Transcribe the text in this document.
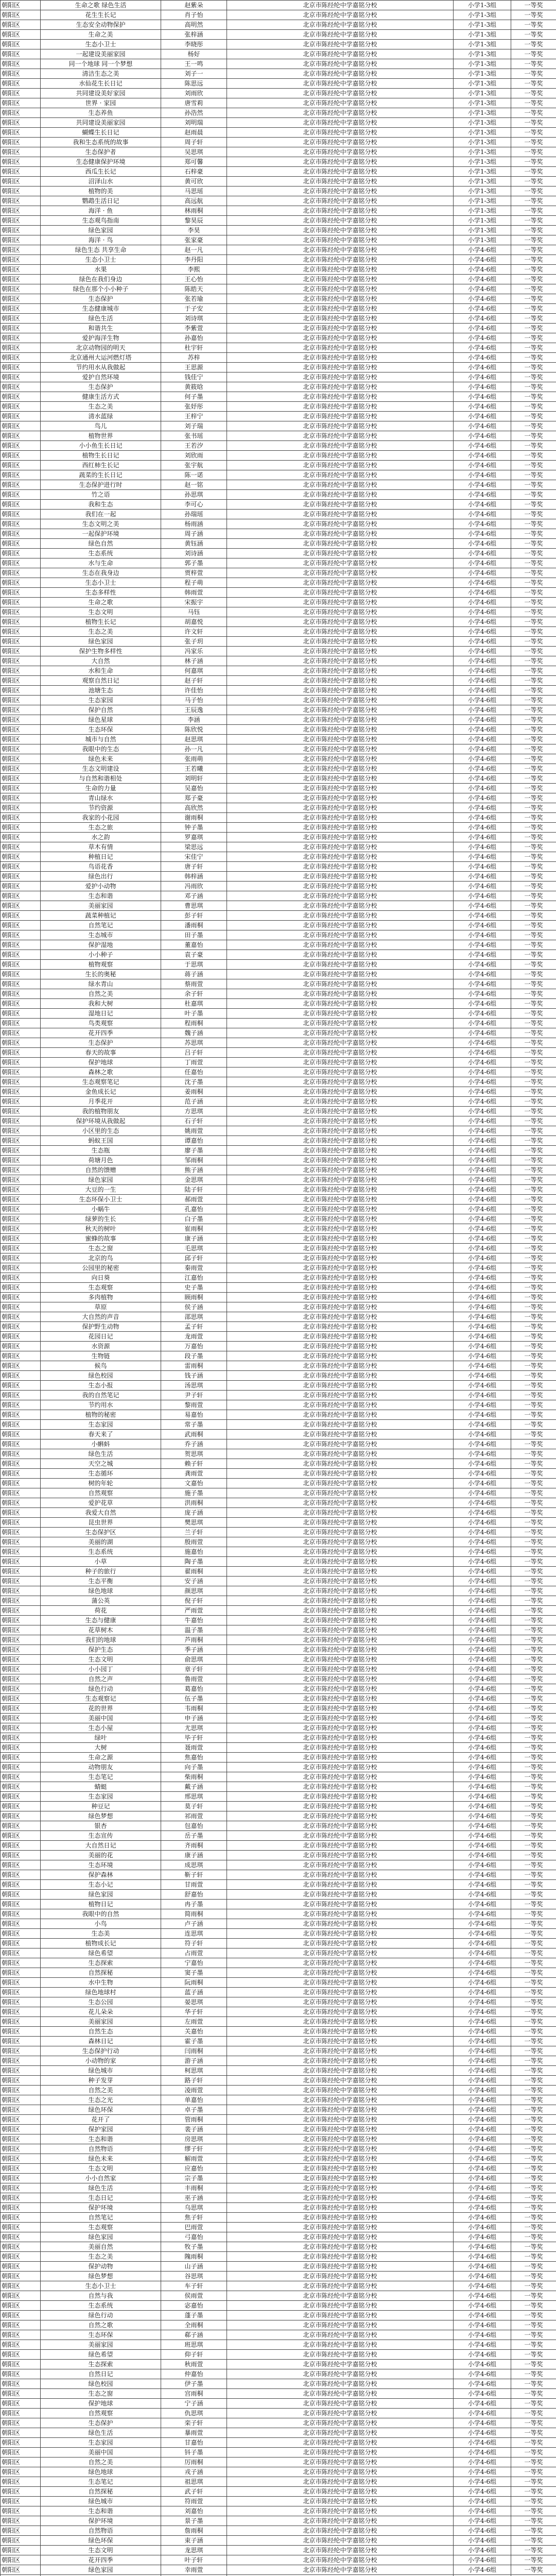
朝阳区	生命之歌 绿色生活	赵紫朵	北京市陈经纶中学嘉铭分校	小学1-3组	一等奖
朝阳区	花生生长记	肖子怡	北京市陈经纶中学嘉铭分校	小学1-3组	一等奖
朝阳区	生态安全动物保护	高明然	北京市陈经纶中学嘉铭分校	小学1-3组	一等奖
朝阳区	生命之美	张梓涵	北京市陈经纶中学嘉铭分校	小学1-3组	一等奖
朝阳区	生态小卫士	李晓彤	北京市陈经纶中学嘉铭分校	小学1-3组	一等奖
朝阳区	一起建设美丽家园	杨好	北京市陈经纶中学嘉铭分校	小学1-3组	一等奖
朝阳区	同一个地球 同一个梦想	王一鸣	北京市陈经纶中学嘉铭分校	小学1-3组	一等奖
朝阳区	清洁生态之美	刘子一	北京市陈经纶中学嘉铭分校	小学1-3组	一等奖
朝阳区	水仙花生长日记	陈思远	北京市陈经纶中学嘉铭分校	小学1-3组	一等奖
朝阳区	共同建设美好家园	刘雨欣	北京市陈经纶中学嘉铭分校	小学1-3组	一等奖
朝阳区	世界 · 家园	唐雪莉	北京市陈经纶中学嘉铭分校	小学1-3组	一等奖
朝阳区	生态养鱼	孙浩然	北京市陈经纶中学嘉铭分校	小学1-3组	一等奖
朝阳区	共同建设美丽家园	刘明瑞	北京市陈经纶中学嘉铭分校	小学1-3组	一等奖
朝阳区	蝴蝶生长日记	赵雨晨	北京市陈经纶中学嘉铭分校	小学1-3组	一等奖
朝阳区	我和生态系统的故事	周子轩	北京市陈经纶中学嘉铭分校	小学1-3组	一等奖
朝阳区	生态保护者	吴思琪	北京市陈经纶中学嘉铭分校	小学1-3组	一等奖
朝阳区	生态健康保护环境	郑可馨	北京市陈经纶中学嘉铭分校	小学1-3组	一等奖
朝阳区	西瓜生长记	石梓豪	北京市陈经纶中学嘉铭分校	小学1-3组	一等奖
朝阳区	沼泽山水	黄可欣	北京市陈经纶中学嘉铭分校	小学1-3组	一等奖
朝阳区	植物的美	马思瑶	北京市陈经纶中学嘉铭分校	小学1-3组	一等奖
朝阳区	鹦鹉生活日记	高远航	北京市陈经纶中学嘉铭分校	小学1-3组	一等奖
朝阳区	海洋 · 鱼	林雨桐	北京市陈经纶中学嘉铭分校	小学1-3组	一等奖
朝阳区	生态观鸟指南	黎昊辰	北京市陈经纶中学嘉铭分校	小学1-3组	一等奖
朝阳区	绿色家园	李昊	北京市陈经纶中学嘉铭分校	小学1-3组	一等奖
朝阳区	海洋 · 鸟	张家豪	北京市陈经纶中学嘉铭分校	小学1-3组	一等奖
朝阳区	绿色生态 共享生命	赵一凡	北京市陈经纶中学嘉铭分校	小学4-6组	一等奖
朝阳区	生态小卫士	李丹阳	北京市陈经纶中学嘉铭分校	小学4-6组	一等奖
朝阳区	水果	李熙	北京市陈经纶中学嘉铭分校	小学4-6组	一等奖
朝阳区	绿色在我们身边	王心怡	北京市陈经纶中学嘉铭分校	小学4-6组	一等奖
朝阳区	绿色在那个小小种子	陈皓天	北京市陈经纶中学嘉铭分校	小学4-6组	一等奖
朝阳区	生态保护	张若瑜	北京市陈经纶中学嘉铭分校	小学4-6组	一等奖
朝阳区	生态健康城市	于子安	北京市陈经纶中学嘉铭分校	小学4-6组	一等奖
朝阳区	绿色生活	刘诗琪	北京市陈经纶中学嘉铭分校	小学4-6组	一等奖
朝阳区	和谐共生	李紫萱	北京市陈经纶中学嘉铭分校	小学4-6组	一等奖
朝阳区	爱护海洋生物	孙嘉怡	北京市陈经纶中学嘉铭分校	小学4-6组	一等奖
朝阳区	北京动物园的明天	杜宇轩	北京市陈经纶中学嘉铭分校	小学4-6组	一等奖
朝阳区	北京通州大运河燃灯塔	苏梓	北京市陈经纶中学嘉铭分校	小学4-6组	一等奖
朝阳区	节约用水从我做起	王思源	北京市陈经纶中学嘉铭分校	小学4-6组	一等奖
朝阳区	爱护自然环境	钱佳宁	北京市陈经纶中学嘉铭分校	小学4-6组	一等奖
朝阳区	生态保护	黄筱晗	北京市陈经纶中学嘉铭分校	小学4-6组	一等奖
朝阳区	健康生活方式	何子墨	北京市陈经纶中学嘉铭分校	小学4-6组	一等奖
朝阳区	生态之美	张妤彤	北京市陈经纶中学嘉铭分校	小学4-6组	一等奖
朝阳区	清水蓝绿	王梓宁	北京市陈经纶中学嘉铭分校	小学4-6组	一等奖
朝阳区	鸟儿	刘子瑞	北京市陈经纶中学嘉铭分校	小学4-6组	一等奖
朝阳区	植物世界	张书瑶	北京市陈经纶中学嘉铭分校	小学4-6组	一等奖
朝阳区	小小鱼生长日记	王若汐	北京市陈经纶中学嘉铭分校	小学4-6组	一等奖
朝阳区	植物生长日记	刘欣雨	北京市陈经纶中学嘉铭分校	小学4-6组	一等奖
朝阳区	西红柿生长记	张宇航	北京市陈经纶中学嘉铭分校	小学4-6组	一等奖
朝阳区	蔬菜的生长日记	陈一诺	北京市陈经纶中学嘉铭分校	小学4-6组	一等奖
朝阳区	生态保护进行时	赵一铭	北京市陈经纶中学嘉铭分校	小学4-6组	一等奖
朝阳区	竹之语	孙思琪	北京市陈经纶中学嘉铭分校	小学4-6组	一等奖
朝阳区	我和生态	李可心	北京市陈经纶中学嘉铭分校	小学4-6组	一等奖
朝阳区	我们在一起	孙瑞瑶	北京市陈经纶中学嘉铭分校	小学4-6组	一等奖
朝阳区	生态文明之美	杨雨涵	北京市陈经纶中学嘉铭分校	小学4-6组	一等奖
朝阳区	一起保护环境	周子涵	北京市陈经纶中学嘉铭分校	小学4-6组	一等奖
朝阳区	绿色自然	黄钰涵	北京市陈经纶中学嘉铭分校	小学4-6组	一等奖
朝阳区	生态系统	刘诗涵	北京市陈经纶中学嘉铭分校	小学4-6组	一等奖
朝阳区	水与生命	郭子墨	北京市陈经纶中学嘉铭分校	小学4-6组	一等奖
朝阳区	生态在我身边	贾梓萱	北京市陈经纶中学嘉铭分校	小学4-6组	一等奖
朝阳区	生态小卫士	程子萌	北京市陈经纶中学嘉铭分校	小学4-6组	一等奖
朝阳区	生态多样性	韩雨萱	北京市陈经纶中学嘉铭分校	小学4-6组	一等奖
朝阳区	生命之歌	宋振宇	北京市陈经纶中学嘉铭分校	小学4-6组	一等奖
朝阳区	生态文明	马钰	北京市陈经纶中学嘉铭分校	小学4-6组	一等奖
朝阳区	植物生长记	胡嘉悦	北京市陈经纶中学嘉铭分校	小学4-6组	一等奖
朝阳区	生态之美	许文轩	北京市陈经纶中学嘉铭分校	小学4-6组	一等奖
朝阳区	绿色家园	张子玥	北京市陈经纶中学嘉铭分校	小学4-6组	一等奖
朝阳区	保护生物多样性	冯家乐	北京市陈经纶中学嘉铭分校	小学4-6组	一等奖
朝阳区	大自然	林子涵	北京市陈经纶中学嘉铭分校	小学4-6组	一等奖
朝阳区	水和生命	何嘉琪	北京市陈经纶中学嘉铭分校	小学4-6组	一等奖
朝阳区	观察自然日记	赵子轩	北京市陈经纶中学嘉铭分校	小学4-6组	一等奖
朝阳区	池塘生态	许佳怡	北京市陈经纶中学嘉铭分校	小学4-6组	一等奖
朝阳区	生态家园	马子怡	北京市陈经纶中学嘉铭分校	小学4-6组	一等奖
朝阳区	保护自然	王辰逸	北京市陈经纶中学嘉铭分校	小学4-6组	一等奖
朝阳区	绿色星球	李涵	北京市陈经纶中学嘉铭分校	小学4-6组	一等奖
朝阳区	生态环保	陈欣悦	北京市陈经纶中学嘉铭分校	小学4-6组	一等奖
朝阳区	城市与自然	赵思琪	北京市陈经纶中学嘉铭分校	小学4-6组	一等奖
朝阳区	我眼中的生态	孙一凡	北京市陈经纶中学嘉铭分校	小学4-6组	一等奖
朝阳区	绿色未来	张雨萌	北京市陈经纶中学嘉铭分校	小学4-6组	一等奖
朝阳区	生态文明建设	王若曦	北京市陈经纶中学嘉铭分校	小学4-6组	一等奖
朝阳区	与自然和谐相处	刘明轩	北京市陈经纶中学嘉铭分校	小学4-6组	一等奖
朝阳区	生命的力量	吴嘉怡	北京市陈经纶中学嘉铭分校	小学4-6组	一等奖
朝阳区	青山绿水	郑子豪	北京市陈经纶中学嘉铭分校	小学4-6组	一等奖
朝阳区	节约资源	高欣然	北京市陈经纶中学嘉铭分校	小学4-6组	一等奖
朝阳区	我家的小花园	谢雨桐	北京市陈经纶中学嘉铭分校	小学4-6组	一等奖
朝阳区	生态之旅	钟子墨	北京市陈经纶中学嘉铭分校	小学4-6组	一等奖
朝阳区	水之韵	罗嘉琪	北京市陈经纶中学嘉铭分校	小学4-6组	一等奖
朝阳区	草木有情	梁思远	北京市陈经纶中学嘉铭分校	小学4-6组	一等奖
朝阳区	种植日记	宋佳宁	北京市陈经纶中学嘉铭分校	小学4-6组	一等奖
朝阳区	鸟语花香	唐子轩	北京市陈经纶中学嘉铭分校	小学4-6组	一等奖
朝阳区	绿色出行	韩梓涵	北京市陈经纶中学嘉铭分校	小学4-6组	一等奖
朝阳区	爱护小动物	冯雨欣	北京市陈经纶中学嘉铭分校	小学4-6组	一等奖
朝阳区	生态和谐	邓子涵	北京市陈经纶中学嘉铭分校	小学4-6组	一等奖
朝阳区	美丽家园	曹思琪	北京市陈经纶中学嘉铭分校	小学4-6组	一等奖
朝阳区	蔬菜种植记	彭子轩	北京市陈经纶中学嘉铭分校	小学4-6组	一等奖
朝阳区	自然笔记	潘雨桐	北京市陈经纶中学嘉铭分校	小学4-6组	一等奖
朝阳区	生态城市	田子墨	北京市陈经纶中学嘉铭分校	小学4-6组	一等奖
朝阳区	保护湿地	董嘉怡	北京市陈经纶中学嘉铭分校	小学4-6组	一等奖
朝阳区	小小种子	袁子豪	北京市陈经纶中学嘉铭分校	小学4-6组	一等奖
朝阳区	植物观察	于思琪	北京市陈经纶中学嘉铭分校	小学4-6组	一等奖
朝阳区	生长的奥秘	蒋子涵	北京市陈经纶中学嘉铭分校	小学4-6组	一等奖
朝阳区	绿水青山	蔡雨萱	北京市陈经纶中学嘉铭分校	小学4-6组	一等奖
朝阳区	自然之美	余子轩	北京市陈经纶中学嘉铭分校	小学4-6组	一等奖
朝阳区	我和大树	杜嘉琪	北京市陈经纶中学嘉铭分校	小学4-6组	一等奖
朝阳区	湿地日记	叶子墨	北京市陈经纶中学嘉铭分校	小学4-6组	一等奖
朝阳区	鸟类观察	程雨桐	北京市陈经纶中学嘉铭分校	小学4-6组	一等奖
朝阳区	花开四季	魏子涵	北京市陈经纶中学嘉铭分校	小学4-6组	一等奖
朝阳区	生态保护	苏思琪	北京市陈经纶中学嘉铭分校	小学4-6组	一等奖
朝阳区	春天的故事	吕子轩	北京市陈经纶中学嘉铭分校	小学4-6组	一等奖
朝阳区	保护地球	丁雨萱	北京市陈经纶中学嘉铭分校	小学4-6组	一等奖
朝阳区	森林之歌	任嘉怡	北京市陈经纶中学嘉铭分校	小学4-6组	一等奖
朝阳区	生态观察笔记	沈子墨	北京市陈经纶中学嘉铭分校	小学4-6组	一等奖
朝阳区	金鱼成长记	姜雨桐	北京市陈经纶中学嘉铭分校	小学4-6组	一等奖
朝阳区	月季花开	范子涵	北京市陈经纶中学嘉铭分校	小学4-6组	一等奖
朝阳区	我的植物朋友	方思琪	北京市陈经纶中学嘉铭分校	小学4-6组	一等奖
朝阳区	保护环境从我做起	石子轩	北京市陈经纶中学嘉铭分校	小学4-6组	一等奖
朝阳区	小区里的生态	姚雨萱	北京市陈经纶中学嘉铭分校	小学4-6组	一等奖
朝阳区	蚂蚁王国	谭嘉怡	北京市陈经纶中学嘉铭分校	小学4-6组	一等奖
朝阳区	生态瓶	廖子墨	北京市陈经纶中学嘉铭分校	小学4-6组	一等奖
朝阳区	荷塘月色	邹雨桐	北京市陈经纶中学嘉铭分校	小学4-6组	一等奖
朝阳区	自然的馈赠	熊子涵	北京市陈经纶中学嘉铭分校	小学4-6组	一等奖
朝阳区	绿色家园	金思琪	北京市陈经纶中学嘉铭分校	小学4-6组	一等奖
朝阳区	大豆的一生	陆子轩	北京市陈经纶中学嘉铭分校	小学4-6组	一等奖
朝阳区	生态环保小卫士	郝雨萱	北京市陈经纶中学嘉铭分校	小学4-6组	一等奖
朝阳区	小蜗牛	孔嘉怡	北京市陈经纶中学嘉铭分校	小学4-6组	一等奖
朝阳区	绿萝的生长	白子墨	北京市陈经纶中学嘉铭分校	小学4-6组	一等奖
朝阳区	秋天的树叶	崔雨桐	北京市陈经纶中学嘉铭分校	小学4-6组	一等奖
朝阳区	蜜蜂的故事	康子涵	北京市陈经纶中学嘉铭分校	小学4-6组	一等奖
朝阳区	生态之窗	毛思琪	北京市陈经纶中学嘉铭分校	小学4-6组	一等奖
朝阳区	北京的鸟	邱子轩	北京市陈经纶中学嘉铭分校	小学4-6组	一等奖
朝阳区	公园里的秘密	秦雨萱	北京市陈经纶中学嘉铭分校	小学4-6组	一等奖
朝阳区	向日葵	江嘉怡	北京市陈经纶中学嘉铭分校	小学4-6组	一等奖
朝阳区	生态观察	史子墨	北京市陈经纶中学嘉铭分校	小学4-6组	一等奖
朝阳区	多肉植物	顾雨桐	北京市陈经纶中学嘉铭分校	小学4-6组	一等奖
朝阳区	草原	侯子涵	北京市陈经纶中学嘉铭分校	小学4-6组	一等奖
朝阳区	大自然的声音	邵思琪	北京市陈经纶中学嘉铭分校	小学4-6组	一等奖
朝阳区	保护野生动物	孟子轩	北京市陈经纶中学嘉铭分校	小学4-6组	一等奖
朝阳区	花园日记	龙雨萱	北京市陈经纶中学嘉铭分校	小学4-6组	一等奖
朝阳区	水资源	万嘉怡	北京市陈经纶中学嘉铭分校	小学4-6组	一等奖
朝阳区	生物链	段子墨	北京市陈经纶中学嘉铭分校	小学4-6组	一等奖
朝阳区	候鸟	雷雨桐	北京市陈经纶中学嘉铭分校	小学4-6组	一等奖
朝阳区	绿色校园	钱子涵	北京市陈经纶中学嘉铭分校	小学4-6组	一等奖
朝阳区	生态小报	汤思琪	北京市陈经纶中学嘉铭分校	小学4-6组	一等奖
朝阳区	我的自然笔记	尹子轩	北京市陈经纶中学嘉铭分校	小学4-6组	一等奖
朝阳区	节约用水	黎雨萱	北京市陈经纶中学嘉铭分校	小学4-6组	一等奖
朝阳区	植物的秘密	易嘉怡	北京市陈经纶中学嘉铭分校	小学4-6组	一等奖
朝阳区	生态家园	常子墨	北京市陈经纶中学嘉铭分校	小学4-6组	一等奖
朝阳区	春天来了	武雨桐	北京市陈经纶中学嘉铭分校	小学4-6组	一等奖
朝阳区	小蝌蚪	乔子涵	北京市陈经纶中学嘉铭分校	小学4-6组	一等奖
朝阳区	绿色生活	贺思琪	北京市陈经纶中学嘉铭分校	小学4-6组	一等奖
朝阳区	天空之城	赖子轩	北京市陈经纶中学嘉铭分校	小学4-6组	一等奖
朝阳区	生态循环	龚雨萱	北京市陈经纶中学嘉铭分校	小学4-6组	一等奖
朝阳区	树的年轮	文嘉怡	北京市陈经纶中学嘉铭分校	小学4-6组	一等奖
朝阳区	自然观察	施子墨	北京市陈经纶中学嘉铭分校	小学4-6组	一等奖
朝阳区	爱护花草	洪雨桐	北京市陈经纶中学嘉铭分校	小学4-6组	一等奖
朝阳区	我爱大自然	庞子涵	北京市陈经纶中学嘉铭分校	小学4-6组	一等奖
朝阳区	昆虫世界	樊思琪	北京市陈经纶中学嘉铭分校	小学4-6组	一等奖
朝阳区	生态保护区	兰子轩	北京市陈经纶中学嘉铭分校	小学4-6组	一等奖
朝阳区	美丽的湖	殷雨萱	北京市陈经纶中学嘉铭分校	小学4-6组	一等奖
朝阳区	生态系统	施嘉怡	北京市陈经纶中学嘉铭分校	小学4-6组	一等奖
朝阳区	小草	陶子墨	北京市陈经纶中学嘉铭分校	小学4-6组	一等奖
朝阳区	种子的旅行	翟雨桐	北京市陈经纶中学嘉铭分校	小学4-6组	一等奖
朝阳区	生态平衡	安子涵	北京市陈经纶中学嘉铭分校	小学4-6组	一等奖
朝阳区	绿色地球	颜思琪	北京市陈经纶中学嘉铭分校	小学4-6组	一等奖
朝阳区	蒲公英	倪子轩	北京市陈经纶中学嘉铭分校	小学4-6组	一等奖
朝阳区	荷花	严雨萱	北京市陈经纶中学嘉铭分校	小学4-6组	一等奖
朝阳区	生态与健康	牛嘉怡	北京市陈经纶中学嘉铭分校	小学4-6组	一等奖
朝阳区	花草树木	温子墨	北京市陈经纶中学嘉铭分校	小学4-6组	一等奖
朝阳区	我们的地球	芦雨桐	北京市陈经纶中学嘉铭分校	小学4-6组	一等奖
朝阳区	保护生态	季子涵	北京市陈经纶中学嘉铭分校	小学4-6组	一等奖
朝阳区	生态文明	俞思琪	北京市陈经纶中学嘉铭分校	小学4-6组	一等奖
朝阳区	小小园丁	章子轩	北京市陈经纶中学嘉铭分校	小学4-6组	一等奖
朝阳区	自然之声	鲁雨萱	北京市陈经纶中学嘉铭分校	小学4-6组	一等奖
朝阳区	绿色行动	葛嘉怡	北京市陈经纶中学嘉铭分校	小学4-6组	一等奖
朝阳区	生态观察记	伍子墨	北京市陈经纶中学嘉铭分校	小学4-6组	一等奖
朝阳区	花的世界	韦雨桐	北京市陈经纶中学嘉铭分校	小学4-6组	一等奖
朝阳区	美丽中国	申子涵	北京市陈经纶中学嘉铭分校	小学4-6组	一等奖
朝阳区	生态小屋	尤思琪	北京市陈经纶中学嘉铭分校	小学4-6组	一等奖
朝阳区	绿叶	毕子轩	北京市陈经纶中学嘉铭分校	小学4-6组	一等奖
朝阳区	大树	聂雨萱	北京市陈经纶中学嘉铭分校	小学4-6组	一等奖
朝阳区	生命之源	焦嘉怡	北京市陈经纶中学嘉铭分校	小学4-6组	一等奖
朝阳区	动物朋友	向子墨	北京市陈经纶中学嘉铭分校	小学4-6组	一等奖
朝阳区	生态笔记	柴雨桐	北京市陈经纶中学嘉铭分校	小学4-6组	一等奖
朝阳区	蜻蜓	戴子涵	北京市陈经纶中学嘉铭分校	小学4-6组	一等奖
朝阳区	生态家园	邢思琪	北京市陈经纶中学嘉铭分校	小学4-6组	一等奖
朝阳区	种豆记	莫子轩	北京市陈经纶中学嘉铭分校	小学4-6组	一等奖
朝阳区	绿色梦想	祁雨萱	北京市陈经纶中学嘉铭分校	小学4-6组	一等奖
朝阳区	银杏	包嘉怡	北京市陈经纶中学嘉铭分校	小学4-6组	一等奖
朝阳区	生态宣传	岳子墨	北京市陈经纶中学嘉铭分校	小学4-6组	一等奖
朝阳区	大自然日记	齐雨桐	北京市陈经纶中学嘉铭分校	小学4-6组	一等奖
朝阳区	美丽的花	康子涵	北京市陈经纶中学嘉铭分校	小学4-6组	一等奖
朝阳区	生态环境	成思琪	北京市陈经纶中学嘉铭分校	小学4-6组	一等奖
朝阳区	保护森林	靳子轩	北京市陈经纶中学嘉铭分校	小学4-6组	一等奖
朝阳区	生态小记	甘雨萱	北京市陈经纶中学嘉铭分校	小学4-6组	一等奖
朝阳区	绿色家园	舒嘉怡	北京市陈经纶中学嘉铭分校	小学4-6组	一等奖
朝阳区	植物日记	冉子墨	北京市陈经纶中学嘉铭分校	小学4-6组	一等奖
朝阳区	我眼中的自然	简雨桐	北京市陈经纶中学嘉铭分校	小学4-6组	一等奖
朝阳区	小鸟	卢子涵	北京市陈经纶中学嘉铭分校	小学4-6组	一等奖
朝阳区	生态美	连思琪	北京市陈经纶中学嘉铭分校	小学4-6组	一等奖
朝阳区	植物成长记	符子轩	北京市陈经纶中学嘉铭分校	小学4-6组	一等奖
朝阳区	绿色希望	占雨萱	北京市陈经纶中学嘉铭分校	小学4-6组	一等奖
朝阳区	生态探索	宁嘉怡	北京市陈经纶中学嘉铭分校	小学4-6组	一等奖
朝阳区	自然探秘	窦子墨	北京市陈经纶中学嘉铭分校	小学4-6组	一等奖
朝阳区	水中生物	阮雨桐	北京市陈经纶中学嘉铭分校	小学4-6组	一等奖
朝阳区	绿色地球村	蓝子涵	北京市陈经纶中学嘉铭分校	小学4-6组	一等奖
朝阳区	生态公园	晏思琪	北京市陈经纶中学嘉铭分校	小学4-6组	一等奖
朝阳区	花儿朵朵	华子轩	北京市陈经纶中学嘉铭分校	小学4-6组	一等奖
朝阳区	美丽家园	左雨萱	北京市陈经纶中学嘉铭分校	小学4-6组	一等奖
朝阳区	自然生态	关嘉怡	北京市陈经纶中学嘉铭分校	小学4-6组	一等奖
朝阳区	森林日记	霍子墨	北京市陈经纶中学嘉铭分校	小学4-6组	一等奖
朝阳区	生态保护行动	闫雨桐	北京市陈经纶中学嘉铭分校	小学4-6组	一等奖
朝阳区	小动物的家	游子涵	北京市陈经纶中学嘉铭分校	小学4-6组	一等奖
朝阳区	绿色城市	柯思琪	北京市陈经纶中学嘉铭分校	小学4-6组	一等奖
朝阳区	种子发芽	路子轩	北京市陈经纶中学嘉铭分校	小学4-6组	一等奖
朝阳区	自然之美	凌雨萱	北京市陈经纶中学嘉铭分校	小学4-6组	一等奖
朝阳区	生态之光	单嘉怡	北京市陈经纶中学嘉铭分校	小学4-6组	一等奖
朝阳区	绿色环保	卓子墨	北京市陈经纶中学嘉铭分校	小学4-6组	一等奖
朝阳区	花开了	管雨桐	北京市陈经纶中学嘉铭分校	小学4-6组	一等奖
朝阳区	保护家园	裴子涵	北京市陈经纶中学嘉铭分校	小学4-6组	一等奖
朝阳区	生态和谐	房思琪	北京市陈经纶中学嘉铭分校	小学4-6组	一等奖
朝阳区	自然物语	缪子轩	北京市陈经纶中学嘉铭分校	小学4-6组	一等奖
朝阳区	绿色未来	解雨萱	北京市陈经纶中学嘉铭分校	小学4-6组	一等奖
朝阳区	生态文明	应嘉怡	北京市陈经纶中学嘉铭分校	小学4-6组	一等奖
朝阳区	小小自然家	宗子墨	北京市陈经纶中学嘉铭分校	小学4-6组	一等奖
朝阳区	绿色生活	丰雨桐	北京市陈经纶中学嘉铭分校	小学4-6组	一等奖
朝阳区	生态日记	巫子涵	北京市陈经纶中学嘉铭分校	小学4-6组	一等奖
朝阳区	保护环境	乌思琪	北京市陈经纶中学嘉铭分校	小学4-6组	一等奖
朝阳区	自然笔记	焦子轩	北京市陈经纶中学嘉铭分校	小学4-6组	一等奖
朝阳区	生态观察	巴雨萱	北京市陈经纶中学嘉铭分校	小学4-6组	一等奖
朝阳区	绿色家园	弓嘉怡	北京市陈经纶中学嘉铭分校	小学4-6组	一等奖
朝阳区	美丽自然	牧子墨	北京市陈经纶中学嘉铭分校	小学4-6组	一等奖
朝阳区	生态之美	隗雨桐	北京市陈经纶中学嘉铭分校	小学4-6组	一等奖
朝阳区	保护动物	山子涵	北京市陈经纶中学嘉铭分校	小学4-6组	一等奖
朝阳区	绿色梦想	谷思琪	北京市陈经纶中学嘉铭分校	小学4-6组	一等奖
朝阳区	生态小卫士	车子轩	北京市陈经纶中学嘉铭分校	小学4-6组	一等奖
朝阳区	自然与我	侯雨萱	北京市陈经纶中学嘉铭分校	小学4-6组	一等奖
朝阳区	生态系统	宓嘉怡	北京市陈经纶中学嘉铭分校	小学4-6组	一等奖
朝阳区	绿色行动	蓬子墨	北京市陈经纶中学嘉铭分校	小学4-6组	一等奖
朝阳区	自然之歌	全雨桐	北京市陈经纶中学嘉铭分校	小学4-6组	一等奖
朝阳区	生态环保	郗子涵	北京市陈经纶中学嘉铭分校	小学4-6组	一等奖
朝阳区	美丽家园	班思琪	北京市陈经纶中学嘉铭分校	小学4-6组	一等奖
朝阳区	绿色希望	仰子轩	北京市陈经纶中学嘉铭分校	小学4-6组	一等奖
朝阳区	生态探索	秋雨萱	北京市陈经纶中学嘉铭分校	小学4-6组	一等奖
朝阳区	自然日记	仲嘉怡	北京市陈经纶中学嘉铭分校	小学4-6组	一等奖
朝阳区	绿色校园	伊子墨	北京市陈经纶中学嘉铭分校	小学4-6组	一等奖
朝阳区	生态之窗	宫雨桐	北京市陈经纶中学嘉铭分校	小学4-6组	一等奖
朝阳区	保护地球	宁子涵	北京市陈经纶中学嘉铭分校	小学4-6组	一等奖
朝阳区	自然观察	仇思琪	北京市陈经纶中学嘉铭分校	小学4-6组	一等奖
朝阳区	生态保护	栾子轩	北京市陈经纶中学嘉铭分校	小学4-6组	一等奖
朝阳区	绿色生活	暴雨萱	北京市陈经纶中学嘉铭分校	小学4-6组	一等奖
朝阳区	生态家园	甘嘉怡	北京市陈经纶中学嘉铭分校	小学4-6组	一等奖
朝阳区	美丽中国	钭子墨	北京市陈经纶中学嘉铭分校	小学4-6组	一等奖
朝阳区	自然之美	厉雨桐	北京市陈经纶中学嘉铭分校	小学4-6组	一等奖
朝阳区	绿色地球	戎子涵	北京市陈经纶中学嘉铭分校	小学4-6组	一等奖
朝阳区	生态笔记	祖思琪	北京市陈经纶中学嘉铭分校	小学4-6组	一等奖
朝阳区	自然探秘	武子轩	北京市陈经纶中学嘉铭分校	小学4-6组	一等奖
朝阳区	绿色城市	符雨萱	北京市陈经纶中学嘉铭分校	小学4-6组	一等奖
朝阳区	生态和谐	刘嘉怡	北京市陈经纶中学嘉铭分校	小学4-6组	一等奖
朝阳区	保护环境	景子墨	北京市陈经纶中学嘉铭分校	小学4-6组	一等奖
朝阳区	自然物语	詹雨桐	北京市陈经纶中学嘉铭分校	小学4-6组	一等奖
朝阳区	绿色环保	束子涵	北京市陈经纶中学嘉铭分校	小学4-6组	一等奖
朝阳区	生态文明	龙思琪	北京市陈经纶中学嘉铭分校	小学4-6组	一等奖
朝阳区	花开四季	叶子轩	北京市陈经纶中学嘉铭分校	小学4-6组	一等奖
朝阳区	绿色家园	幸雨萱	北京市陈经纶中学嘉铭分校	小学4-6组	一等奖
